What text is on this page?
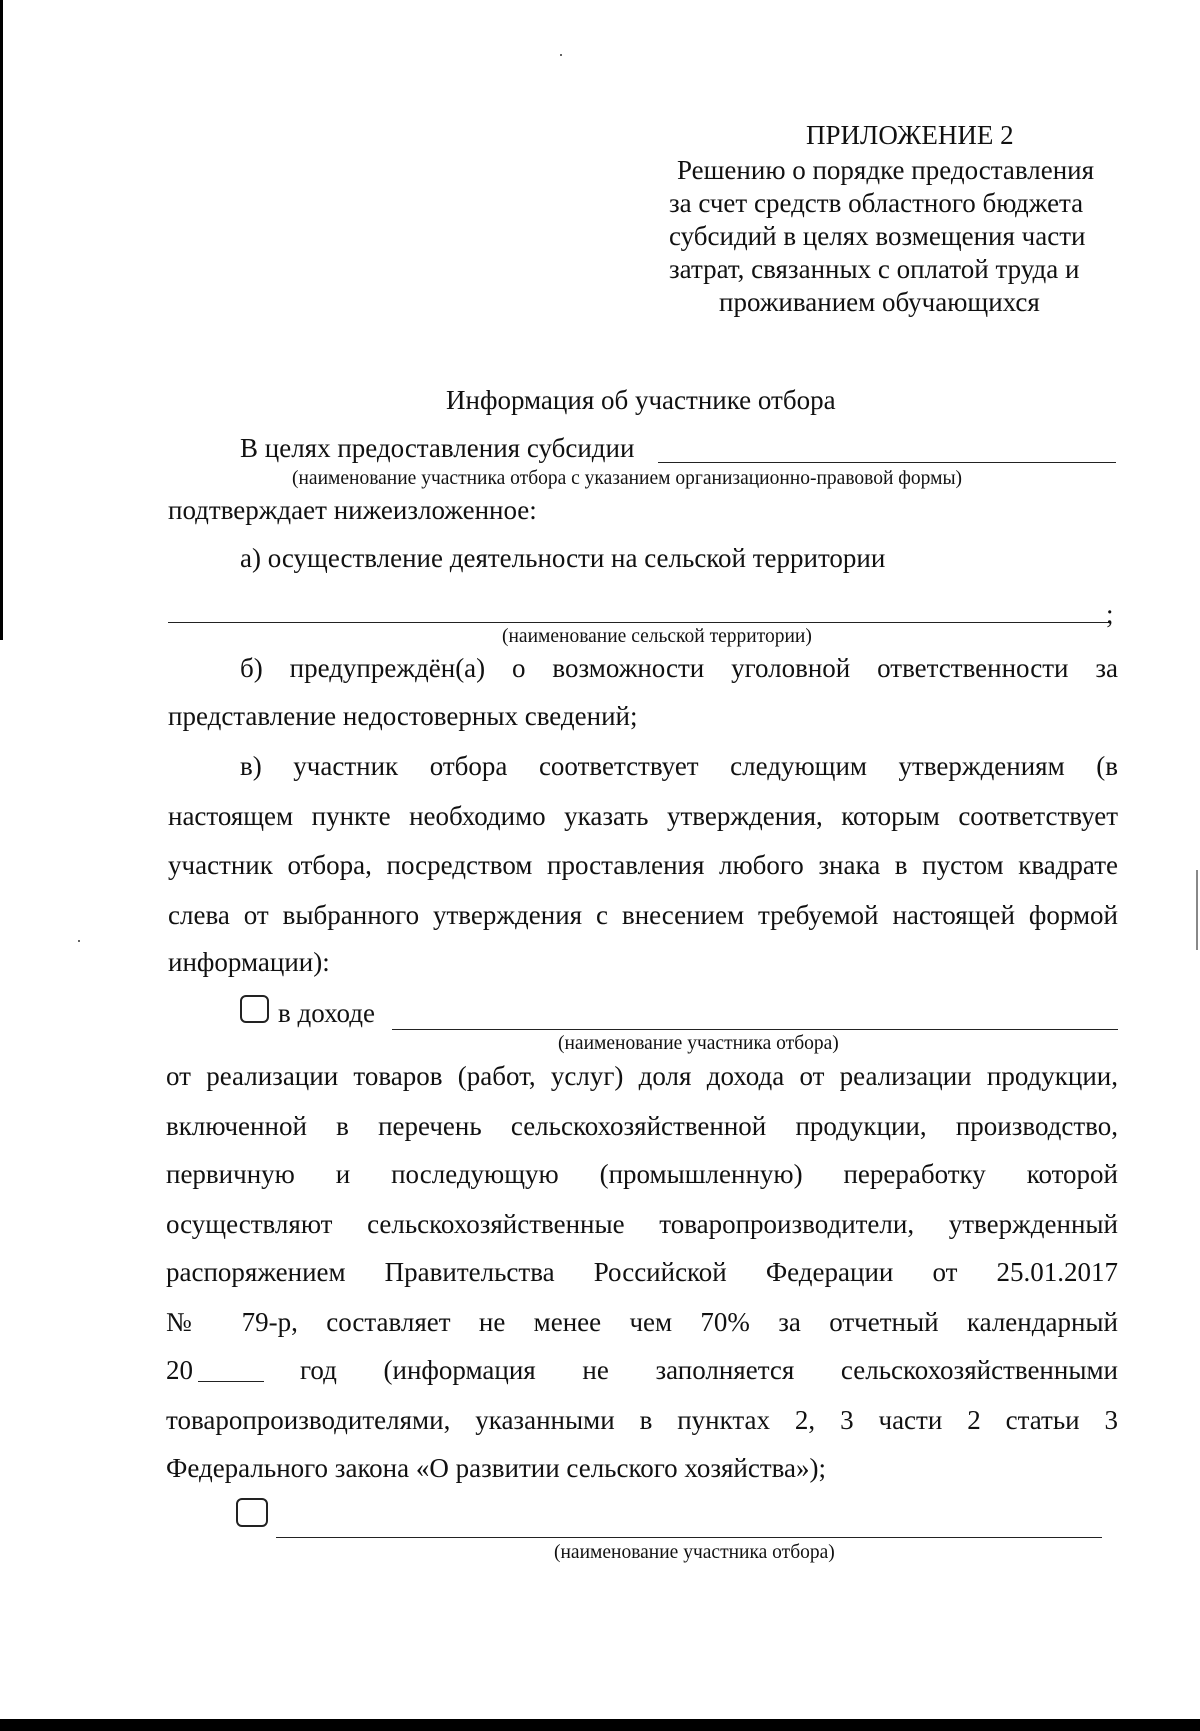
ПРИЛОЖЕНИЕ 2
Решению о порядке предоставления
за счет средств областного бюджета
субсидий в целях возмещения части
затрат, связанных с оплатой труда и
проживанием обучающихся
Информация об участнике отбора
В целях предоставления субсидии
(наименование участника отбора с указанием организационно-правовой формы)
подтверждает нижеизложенное:
а) осуществление деятельности на сельской территории
;
(наименование сельской территории)
б) предупреждён(а) о возможности уголовной ответственности за
представление недостоверных сведений;
в) участник отбора соответствует следующим утверждениям (в
настоящем пункте необходимо указать утверждения, которым соответствует
участник отбора, посредством проставления любого знака в пустом квадрате
слева от выбранного утверждения с внесением требуемой настоящей формой
информации):
в доходе
(наименование участника отбора)
от реализации товаров (работ, услуг) доля дохода от реализации продукции,
включенной в перечень сельскохозяйственной продукции, производство,
первичную и последующую (промышленную) переработку которой
осуществляют сельскохозяйственные товаропроизводители, утвержденный
распоряжением Правительства Российской Федерации от 25.01.2017
№ 79-р, составляет не менее чем 70% за отчетный календарный
20	год (информация не заполняется сельскохозяйственными
товаропроизводителями, указанными в пунктах 2, 3 части 2 статьи 3
Федерального закона «О развитии сельского хозяйства»);
(наименование участника отбора)
